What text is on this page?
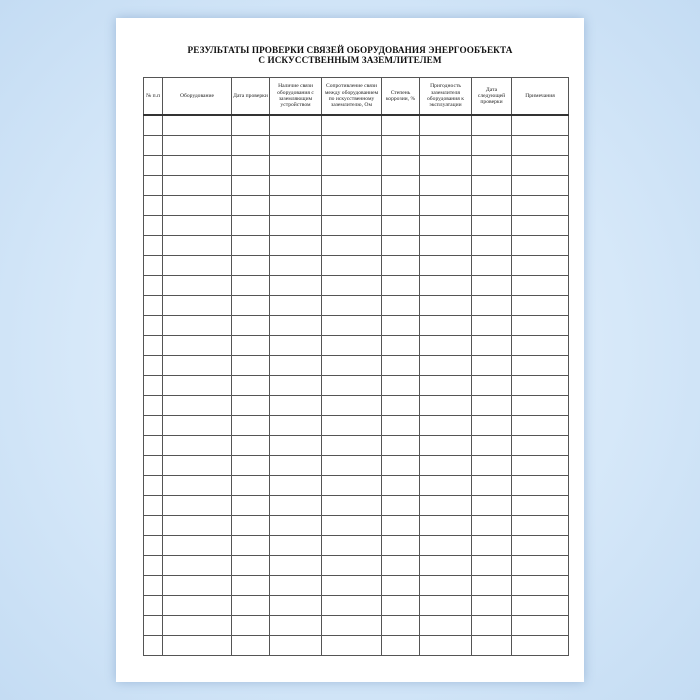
РЕЗУЛЬТАТЫ ПРОВЕРКИ СВЯЗЕЙ ОБОРУДОВАНИЯ ЭНЕРГООБЪЕКТА
С ИСКУССТВЕННЫМ ЗАЗЕМЛИТЕЛЕМ
№ п.п	Оборудование	Дата проверки	Наличие связи оборудования с заземляющим устройством	Сопротивление связи между оборудованием по искусственному заземлителю, Ом	Степень коррозии, %	Пригодность заземлителя оборудования к эксплуатации	Дата следующей проверки	Примечания
